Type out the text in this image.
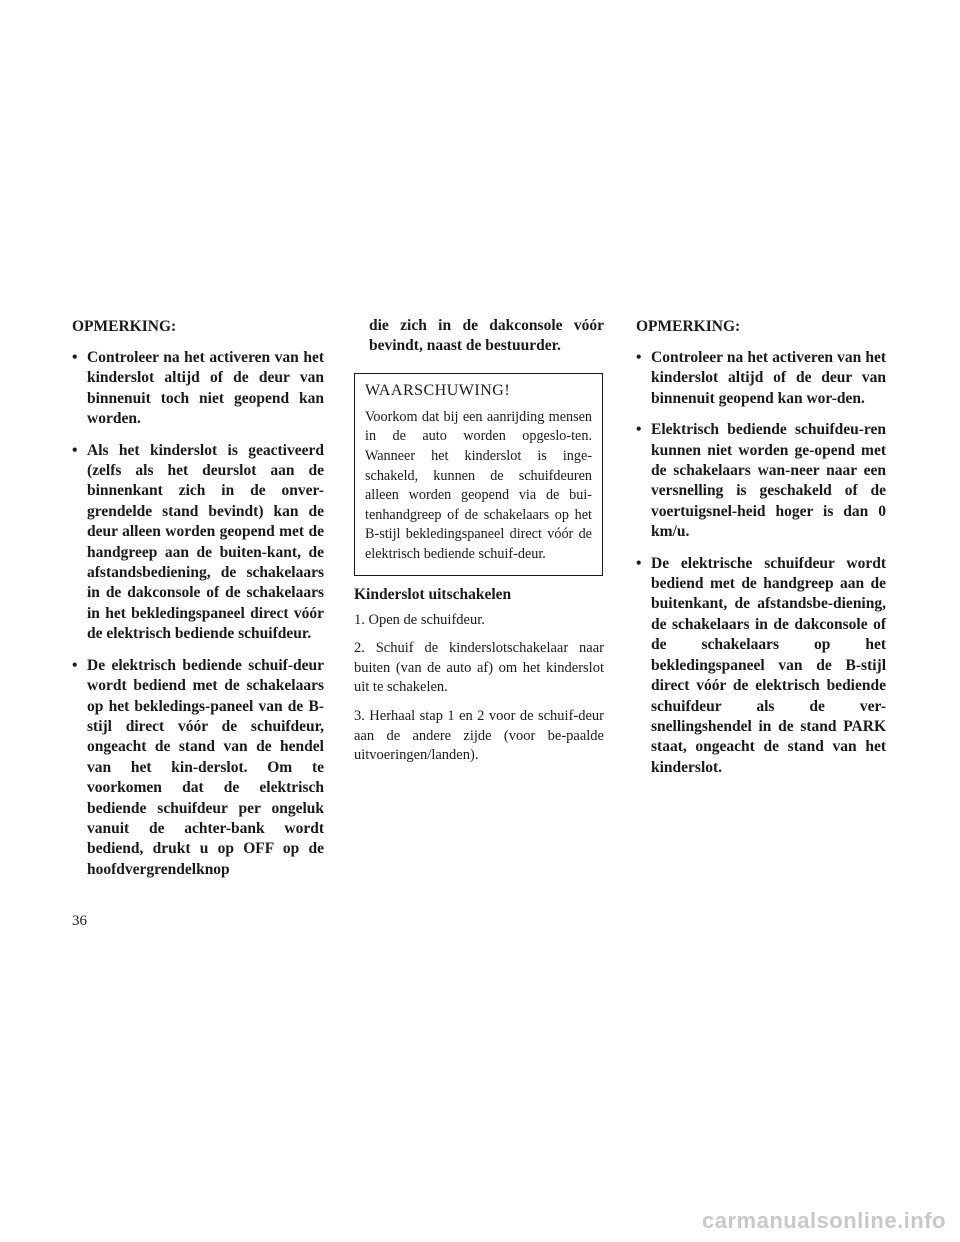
OPMERKING:

• Controleer na het activeren van het kinderslot altijd of de deur van binnenuit toch niet geopend kan worden.
• Als het kinderslot is geactiveerd (zelfs als het deurslot aan de binnenkant zich in de onver-grendelde stand bevindt) kan de deur alleen worden geopend met de handgreep aan de buiten-kant, de afstandsbediening, de schakelaars in de dakconsole of de schakelaars in het bekledingspaneel direct vóór de elektrisch bediende schuifdeur.
• De elektrisch bediende schuif-deur wordt bediend met de schakelaars op het bekledings-paneel van de B-stijl direct vóór de schuifdeur, ongeacht de stand van de hendel van het kin-derslot. Om te voorkomen dat de elektrisch bediende schuifdeur per ongeluk vanuit de achter-bank wordt bediend, drukt u op OFF op de hoofdvergrendelknop

die zich in de dakconsole vóór bevindt, naast de bestuurder.

WAARSCHUWING!

Voorkom dat bij een aanrijding mensen in de auto worden opgeslo-ten. Wanneer het kinderslot is inge-schakeld, kunnen de schuifdeuren alleen worden geopend via de bui-tenhandgreep of de schakelaars op het B-stijl bekledingspaneel direct vóór de elektrisch bediende schuif-deur.

Kinderslot uitschakelen

1. Open de schuifdeur.

2. Schuif de kinderslotschakelaar naar buiten (van de auto af) om het kinderslot uit te schakelen.

3. Herhaal stap 1 en 2 voor de schuif-deur aan de andere zijde (voor be-paalde uitvoeringen/landen).

OPMERKING:

• Controleer na het activeren van het kinderslot altijd of de deur van binnenuit geopend kan wor-den.
• Elektrisch bediende schuifdeu-ren kunnen niet worden ge-opend met de schakelaars wan-neer naar een versnelling is geschakeld of de voertuigsnel-heid hoger is dan 0 km/u.
• De elektrische schuifdeur wordt bediend met de handgreep aan de buitenkant, de afstandsbe-diening, de schakelaars in de dakconsole of de schakelaars op het bekledingspaneel van de B-stijl direct vóór de elektrisch bediende schuifdeur als de ver-snellingshendel in de stand PARK staat, ongeacht de stand van het kinderslot.
36
carmanualsonline.info
